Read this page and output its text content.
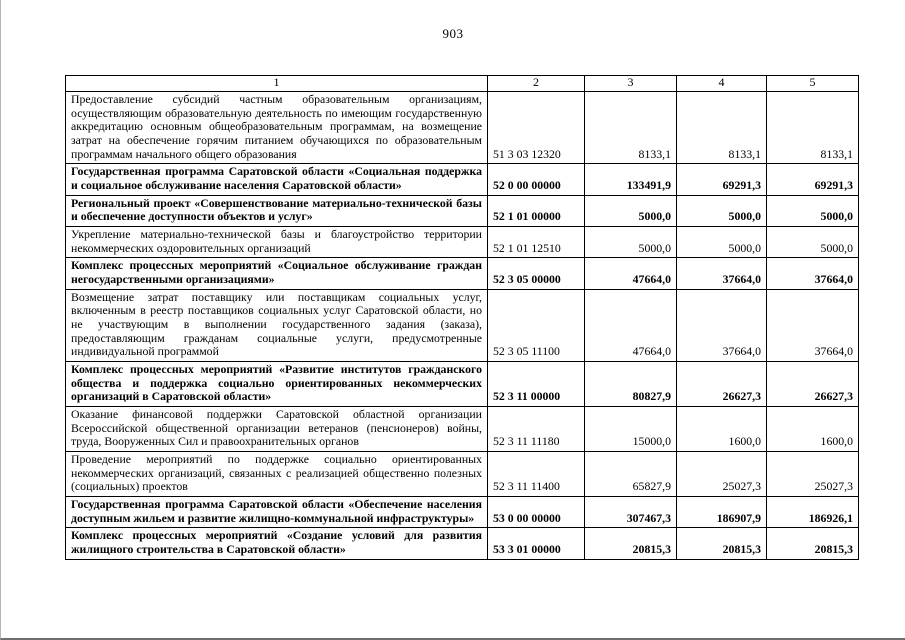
903
1	2	3	4	5
Предоставление субсидий частным образовательным организациям, осуществляющим образовательную деятельность по имеющим государственную аккредитацию основным общеобразовательным программам, на возмещение затрат на обеспечение горячим питанием обучающихся по образовательным программам начального общего образования	51 3 03 12320	8133,1	8133,1	8133,1
Государственная программа Саратовской области «Социальная поддержка и социальное обслуживание населения Саратовской области»	52 0 00 00000	133491,9	69291,3	69291,3
Региональный проект «Совершенствование материально-технической базы и обеспечение доступности объектов и услуг»	52 1 01 00000	5000,0	5000,0	5000,0
Укрепление материально-технической базы и благоустройство территории некоммерческих оздоровительных организаций	52 1 01 12510	5000,0	5000,0	5000,0
Комплекс процессных мероприятий «Социальное обслуживание граждан негосударственными организациями»	52 3 05 00000	47664,0	37664,0	37664,0
Возмещение затрат поставщику или поставщикам социальных услуг, включенным в реестр поставщиков социальных услуг Саратовской области, но не участвующим в выполнении государственного задания (заказа), предоставляющим гражданам социальные услуги, предусмотренные индивидуальной программой	52 3 05 11100	47664,0	37664,0	37664,0
Комплекс процессных мероприятий «Развитие институтов гражданского общества и поддержка социально ориентированных некоммерческих организаций в Саратовской области»	52 3 11 00000	80827,9	26627,3	26627,3
Оказание финансовой поддержки Саратовской областной организации Всероссийской общественной организации ветеранов (пенсионеров) войны, труда, Вооруженных Сил и правоохранительных органов	52 3 11 11180	15000,0	1600,0	1600,0
Проведение мероприятий по поддержке социально ориентированных некоммерческих организаций, связанных с реализацией общественно полезных (социальных) проектов	52 3 11 11400	65827,9	25027,3	25027,3
Государственная программа Саратовской области «Обеспечение населения доступным жильем и развитие жилищно-коммунальной инфраструктуры»	53 0 00 00000	307467,3	186907,9	186926,1
Комплекс процессных мероприятий «Создание условий для развития жилищного строительства в Саратовской области»	53 3 01 00000	20815,3	20815,3	20815,3
